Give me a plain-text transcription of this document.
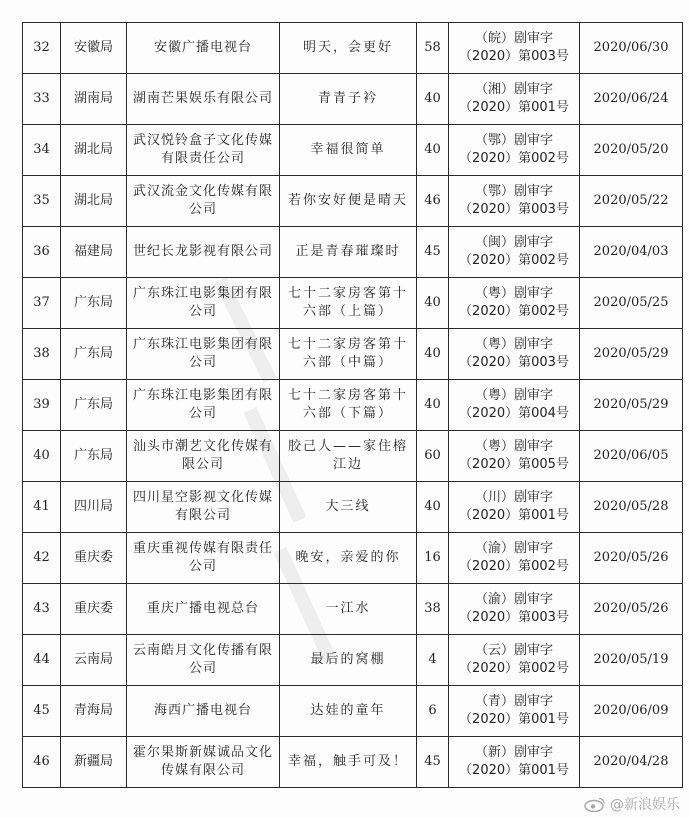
32	安徽局	安徽广播电视台	明天，会更好	58	（皖）剧审字
（2020）第003号	2020/06/30
33	湖南局	湖南芒果娱乐有限公司	青青子衿	40	（湘）剧审字
（2020）第001号	2020/06/24
34	湖北局	武汉悦铃盒子文化传媒有限责任公司	幸福很简单	40	（鄂）剧审字
（2020）第002号	2020/05/20
35	湖北局	武汉流金文化传媒有限公司	若你安好便是晴天	46	（鄂）剧审字
（2020）第003号	2020/05/22
36	福建局	世纪长龙影视有限公司	正是青春璀璨时	45	（闽）剧审字
（2020）第002号	2020/04/03
37	广东局	广东珠江电影集团有限公司	七十二家房客第十六部（上篇）	40	（粤）剧审字
（2020）第002号	2020/05/25
38	广东局	广东珠江电影集团有限公司	七十二家房客第十六部（中篇）	40	（粤）剧审字
（2020）第003号	2020/05/29
39	广东局	广东珠江电影集团有限公司	七十二家房客第十六部（下篇）	40	（粤）剧审字
（2020）第004号	2020/05/29
40	广东局	汕头市潮艺文化传媒有限公司	胶己人——家住榕江边	60	（粤）剧审字
（2020）第005号	2020/06/05
41	四川局	四川星空影视文化传媒有限公司	大三线	40	（川）剧审字
（2020）第001号	2020/05/28
42	重庆委	重庆重视传媒有限责任公司	晚安，亲爱的你	16	（渝）剧审字
（2020）第002号	2020/05/26
43	重庆委	重庆广播电视总台	一江水	38	（渝）剧审字
（2020）第003号	2020/05/26
44	云南局	云南皓月文化传播有限公司	最后的窝棚	4	（云）剧审字
（2020）第002号	2020/05/19
45	青海局	海西广播电视台	达娃的童年	6	（青）剧审字
（2020）第001号	2020/06/09
46	新疆局	霍尔果斯新媒诚品文化传媒有限公司	幸福，触手可及！	45	（新）剧审字
（2020）第001号	2020/04/28
@新浪娱乐
